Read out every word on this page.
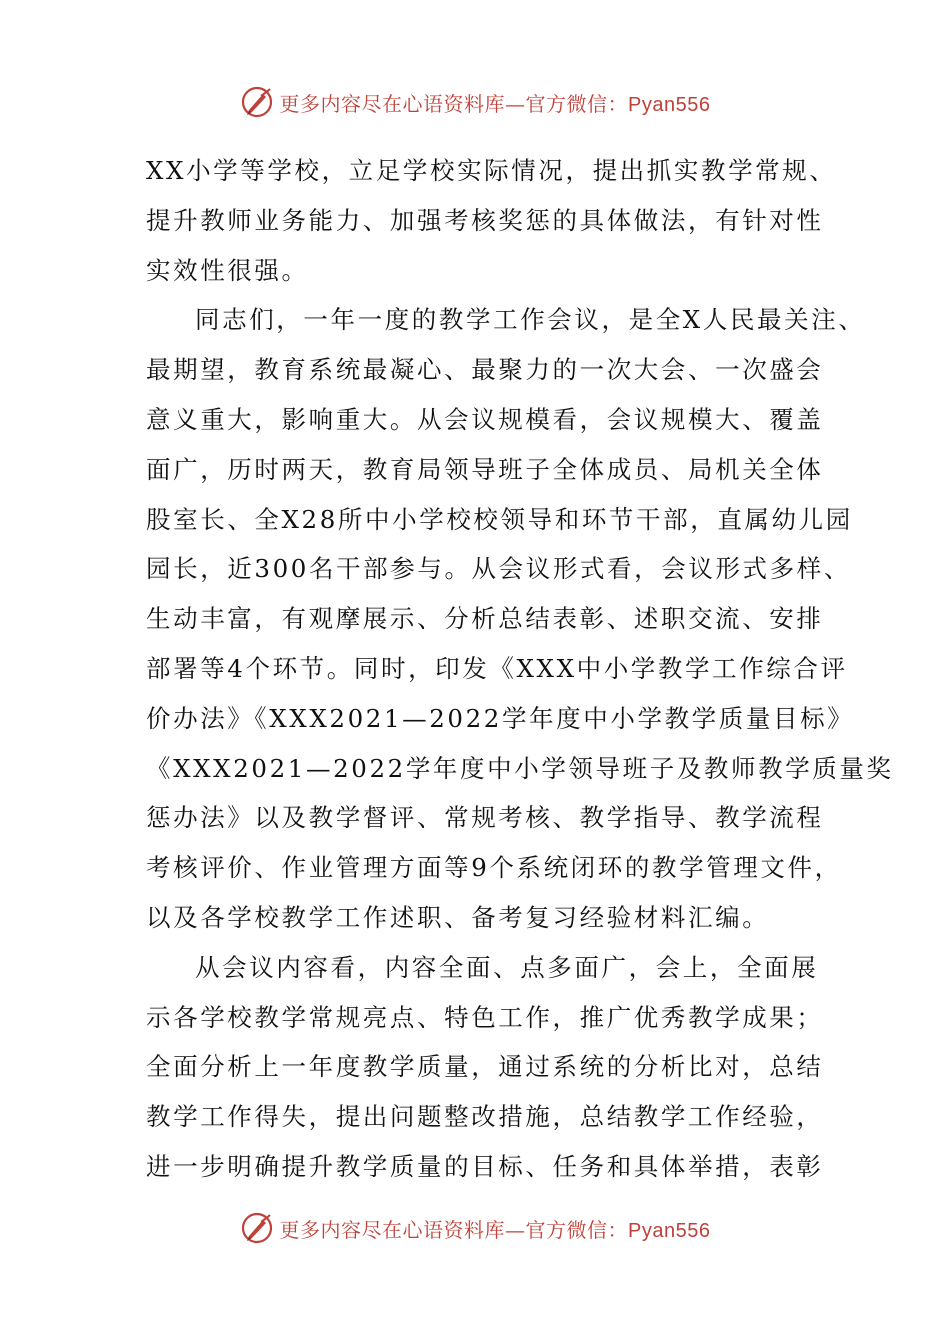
更多内容尽在心语资料库—官方微信：Pyan556
XX小学等学校，立足学校实际情况，提出抓实教学常规、
提升教师业务能力、加强考核奖惩的具体做法，有针对性
实效性很强。
同志们，一年一度的教学工作会议，是全X人民最关注、
最期望，教育系统最凝心、最聚力的一次大会、一次盛会
意义重大，影响重大。从会议规模看，会议规模大、覆盖
面广，历时两天，教育局领导班子全体成员、局机关全体
股室长、全X28所中小学校校领导和环节干部，直属幼儿园
园长，近300名干部参与。从会议形式看，会议形式多样、
生动丰富，有观摩展示、分析总结表彰、述职交流、安排
部署等4个环节。同时，印发《XXX中小学教学工作综合评
价办法》《XXX2021—2022学年度中小学教学质量目标》
《XXX2021—2022学年度中小学领导班子及教师教学质量奖
惩办法》以及教学督评、常规考核、教学指导、教学流程
考核评价、作业管理方面等9个系统闭环的教学管理文件，
以及各学校教学工作述职、备考复习经验材料汇编。
从会议内容看，内容全面、点多面广，会上，全面展
示各学校教学常规亮点、特色工作，推广优秀教学成果；
全面分析上一年度教学质量，通过系统的分析比对，总结
教学工作得失，提出问题整改措施，总结教学工作经验，
进一步明确提升教学质量的目标、任务和具体举措，表彰
更多内容尽在心语资料库—官方微信：Pyan556
